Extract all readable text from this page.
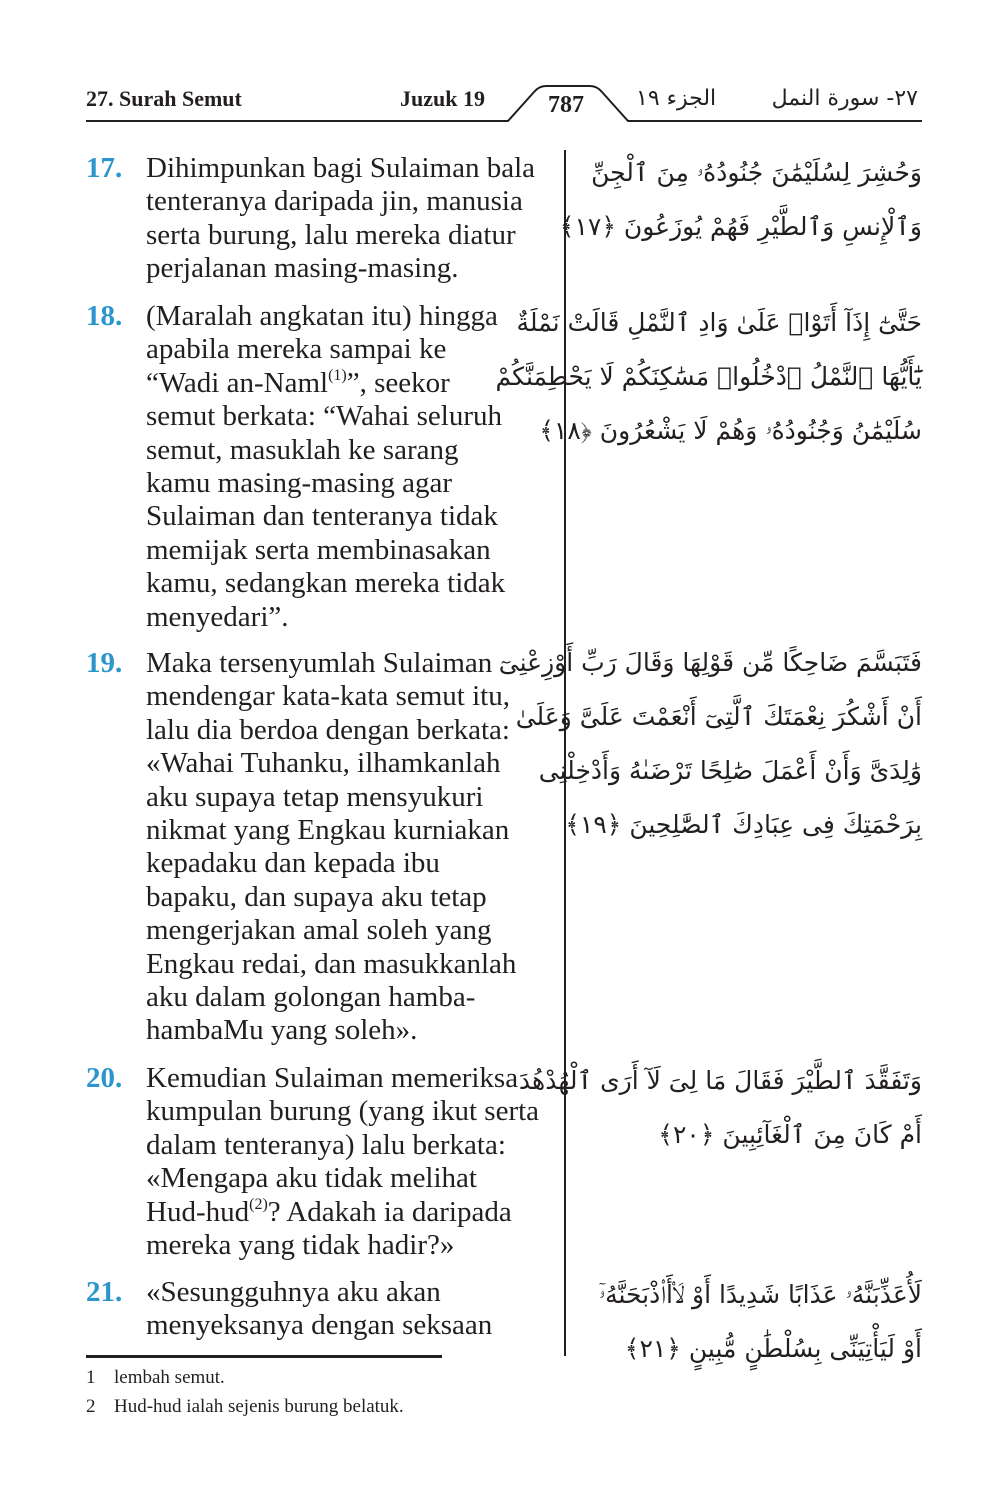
27. Surah Semut	Juzuk 19	787	الجزء ١٩	٢٧- سورة النمل
17. Dihimpunkan bagi Sulaiman bala
tenteranya daripada jin, manusia
serta burung, lalu mereka diatur
perjalanan masing-masing.
وَحُشِرَ لِسُلَيْمَٰنَ جُنُودُهُۥ مِنَ ٱلْجِنِّ
وَٱلْإِنسِ وَٱلطَّيْرِ فَهُمْ يُوزَعُونَ ﴿١٧﴾
18. (Maralah angkatan itu) hingga
apabila mereka sampai ke
“Wadi an-Naml$^{(1)}$”, seekor
semut berkata: “Wahai seluruh
semut, masuklah ke sarang
kamu masing-masing agar
Sulaiman dan tenteranya tidak
memijak serta membinasakan
kamu, sedangkan mereka tidak
menyedari”.
حَتَّىٰٓ إِذَآ أَتَوْا۟ عَلَىٰ وَادِ ٱلنَّمْلِ قَالَتْ نَمْلَةٌ
يَٰٓأَيُّهَا ٱلنَّمْلُ ٱدْخُلُوا۟ مَسَٰكِنَكُمْ لَا يَحْطِمَنَّكُمْ
سُلَيْمَٰنُ وَجُنُودُهُۥ وَهُمْ لَا يَشْعُرُونَ ﴿١٨﴾
19. Maka tersenyumlah Sulaiman
mendengar kata-kata semut itu,
lalu dia berdoa dengan berkata:
«Wahai Tuhanku, ilhamkanlah
aku supaya tetap mensyukuri
nikmat yang Engkau kurniakan
kepadaku dan kepada ibu
bapaku, dan supaya aku tetap
mengerjakan amal soleh yang
Engkau redai, dan masukkanlah
aku dalam golongan hamba-
hambaMu yang soleh».
فَتَبَسَّمَ ضَاحِكًا مِّن قَوْلِهَا وَقَالَ رَبِّ أَوْزِعْنِىٓ
أَنْ أَشْكُرَ نِعْمَتَكَ ٱلَّتِىٓ أَنْعَمْتَ عَلَىَّ وَعَلَىٰ
وَٰلِدَىَّ وَأَنْ أَعْمَلَ صَٰلِحًا تَرْضَىٰهُ وَأَدْخِلْنِى
بِرَحْمَتِكَ فِى عِبَادِكَ ٱلصَّٰلِحِينَ ﴿١٩﴾
20. Kemudian Sulaiman memeriksa
kumpulan burung (yang ikut serta
dalam tenteranya) lalu berkata:
«Mengapa aku tidak melihat
Hud-hud$^{(2)}$? Adakah ia daripada
mereka yang tidak hadir?»
وَتَفَقَّدَ ٱلطَّيْرَ فَقَالَ مَا لِىَ لَآ أَرَى ٱلْهُدْهُدَ
أَمْ كَانَ مِنَ ٱلْغَآئِبِينَ ﴿٢٠﴾
21. «Sesungguhnya aku akan
menyeksanya dengan seksaan
لَأُعَذِّبَنَّهُۥ عَذَابًا شَدِيدًا أَوْ لَا۟أَا۟ذْبَحَنَّهُۥٓ
أَوْ لَيَأْتِيَنِّى بِسُلْطَٰنٍ مُّبِينٍ ﴿٢١﴾
1 lembah semut.
2 Hud-hud ialah sejenis burung belatuk.
